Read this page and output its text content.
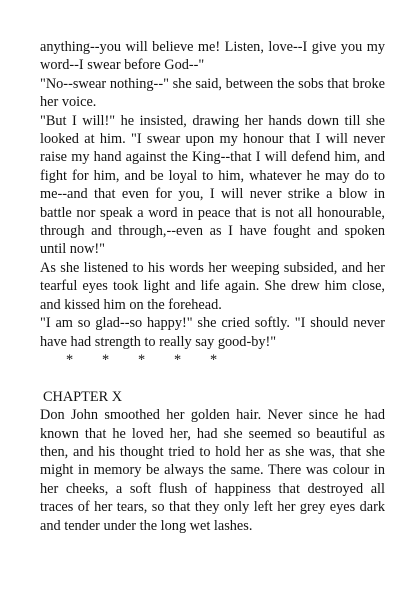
anything--you will believe me! Listen, love--I give you my word--I swear before God--"

"No--swear nothing--" she said, between the sobs that broke her voice.

"But I will!" he insisted, drawing her hands down till she looked at him. "I swear upon my honour that I will never raise my hand against the King--that I will defend him, and fight for him, and be loyal to him, whatever he may do to me--and that even for you, I will never strike a blow in battle nor speak a word in peace that is not all honourable, through and through,--even as I have fought and spoken until now!"

As she listened to his words her weeping subsided, and her tearful eyes took light and life again. She drew him close, and kissed him on the forehead.

"I am so glad--so happy!" she cried softly. "I should never have had strength to really say good-by!"

* * * * *

CHAPTER X

Don John smoothed her golden hair. Never since he had known that he loved her, had she seemed so beautiful as then, and his thought tried to hold her as she was, that she might in memory be always the same. There was colour in her cheeks, a soft flush of happiness that destroyed all traces of her tears, so that they only left her grey eyes dark and tender under the long wet lashes.
